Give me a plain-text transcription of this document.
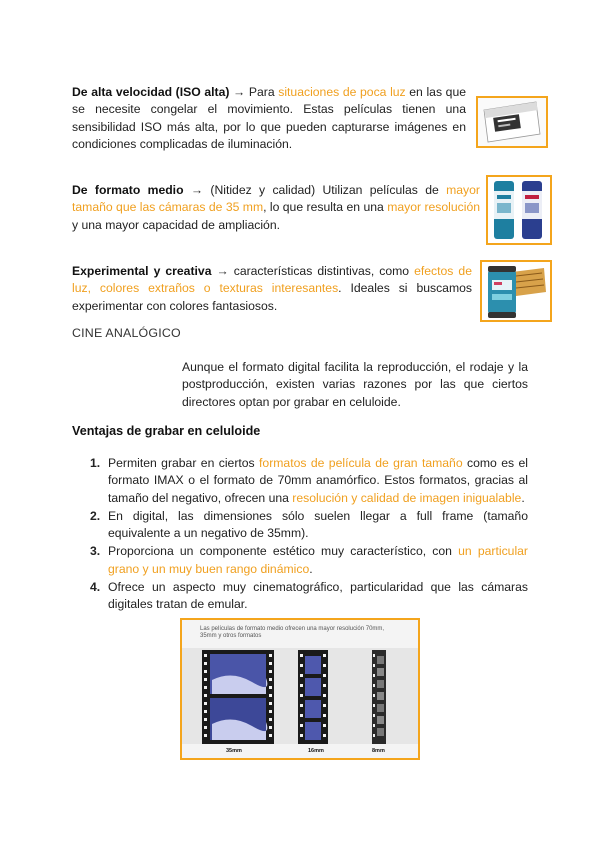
De alta velocidad (ISO alta) → Para situaciones de poca luz en las que se necesite congelar el movimiento. Estas películas tienen una sensibilidad ISO más alta, por lo que pueden capturarse imágenes en condiciones complicadas de iluminación.
De formato medio → (Nitidez y calidad) Utilizan películas de mayor tamaño que las cámaras de 35 mm, lo que resulta en una mayor resolución y una mayor capacidad de ampliación.
Experimental y creativa → características distintivas, como efectos de luz, colores extraños o texturas interesantes. Ideales si buscamos experimentar con colores fantasiosos.
CINE ANALÓGICO
Aunque el formato digital facilita la reproducción, el rodaje y la postproducción, existen varias razones por las que ciertos directores optan por grabar en celuloide.
Ventajas de grabar en celuloide
1. Permiten grabar en ciertos formatos de película de gran tamaño como es el formato IMAX o el formato de 70mm anamórfico. Estos formatos, gracias al tamaño del negativo, ofrecen una resolución y calidad de imagen inigualable.
2. En digital, las dimensiones sólo suelen llegar a full frame (tamaño equivalente a un negativo de 35mm).
3. Proporciona un componente estético muy característico, con un particular grano y un muy buen rango dinámico.
4. Ofrece un aspecto muy cinematográfico, particularidad que las cámaras digitales tratan de emular.
Las películas de formato medio ofrecen una mayor resolución 70mm, 35mm y otros formatos
35mm	16mm	8mm
